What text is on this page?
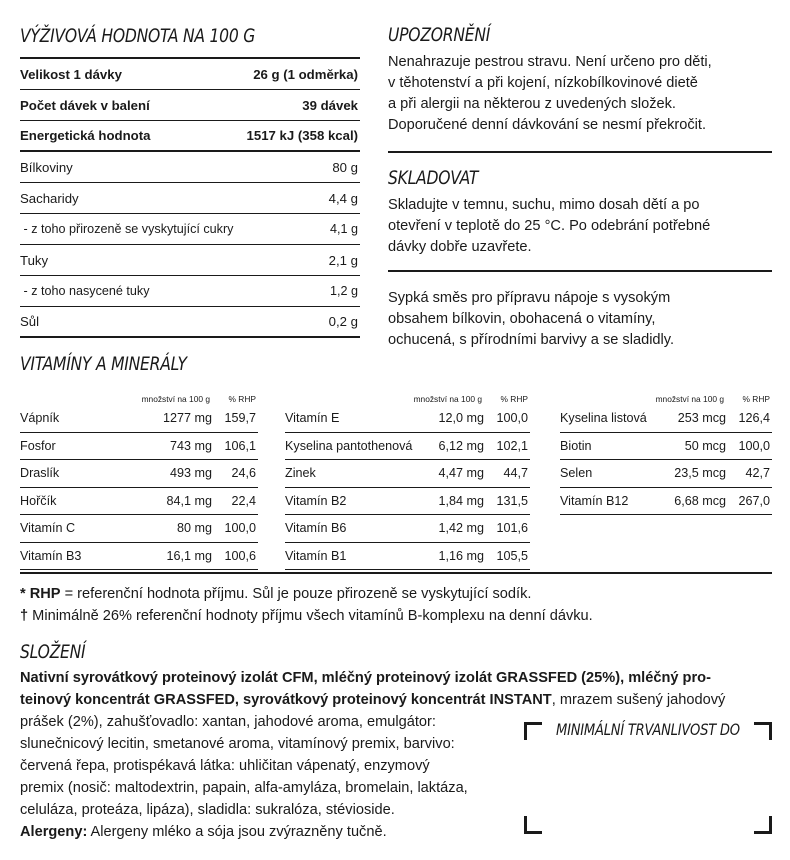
VÝŽIVOVÁ HODNOTA NA 100 G
Velikost 1 dávky	26 g (1 odměrka)
Počet dávek v balení	39 dávek
Energetická hodnota	1517 kJ (358 kcal)
Bílkoviny	80 g
Sacharidy	4,4 g
- z toho přirozeně se vyskytující cukry	4,1 g
Tuky	2,1 g
- z toho nasycené tuky	1,2 g
Sůl	0,2 g
UPOZORNĚNÍ

Nenahrazuje pestrou stravu. Není určeno pro děti,
v těhotenství a při kojení, nízkobílkovinové dietě
a při alergii na některou z uvedených složek.
Doporučené denní dávkování se nesmí překročit.

SKLADOVAT

Skladujte v temnu, suchu, mimo dosah dětí a po
otevření v teplotě do 25 °C. Po odebrání potřebné
dávky dobře uzavřete.

Sypká směs pro přípravu nápoje s vysokým
obsahem bílkovin, obohacená o vitamíny,
ochucená, s přírodními barvivy a se sladidly.

VITAMÍNY A MINERÁLY
množství na 100 g	% RHP
Vápník	1277 mg 159,7
Fosfor	743 mg 106,1
Draslík	493 mg	24,6
Hořčík	84,1 mg	22,4
Vitamín C	80 mg 100,0
Vitamín B3	16,1 mg 100,6
množství na 100 g	% RHP
Vitamín E	12,0 mg 100,0
Kyselina pantothenová	6,12 mg 102,1
Zinek	4,47 mg	44,7
Vitamín B2	1,84 mg 131,5
Vitamín B6	1,42 mg 101,6
Vitamín B1	1,16 mg 105,5
množství na 100 g	% RHP
Kyselina listová	253 mcg 126,4
Biotin	50 mcg 100,0
Selen	23,5 mcg	42,7
Vitamín B12	6,68 mcg 267,0
* RHP = referenční hodnota příjmu. Sůl je pouze přirozeně se vyskytující sodík.
† Minimálně 26% referenční hodnoty příjmu všech vitamínů B-komplexu na denní dávku.
SLOŽENÍ
Nativní syrovátkový proteinový izolát CFM, mléčný proteinový izolát GRASSFED (25%), mléčný pro-
teinový koncentrát GRASSFED, syrovátkový proteinový koncentrát INSTANT, mrazem sušený jahodový
prášek (2%), zahušťovadlo: xantan, jahodové aroma, emulgátor:
slunečnicový lecitin, smetanové aroma, vitamínový premix, barvivo:
červená řepa, protispékavá látka: uhličitan vápenatý, enzymový
premix (nosič: maltodextrin, papain, alfa-amyláza, bromelain, laktáza,
celuláza, proteáza, lipáza), sladidla: sukralóza, stévioside.
Alergeny: Alergeny mléko a sója jsou zvýrazněny tučně.
MINIMÁLNÍ TRVANLIVOST DO
